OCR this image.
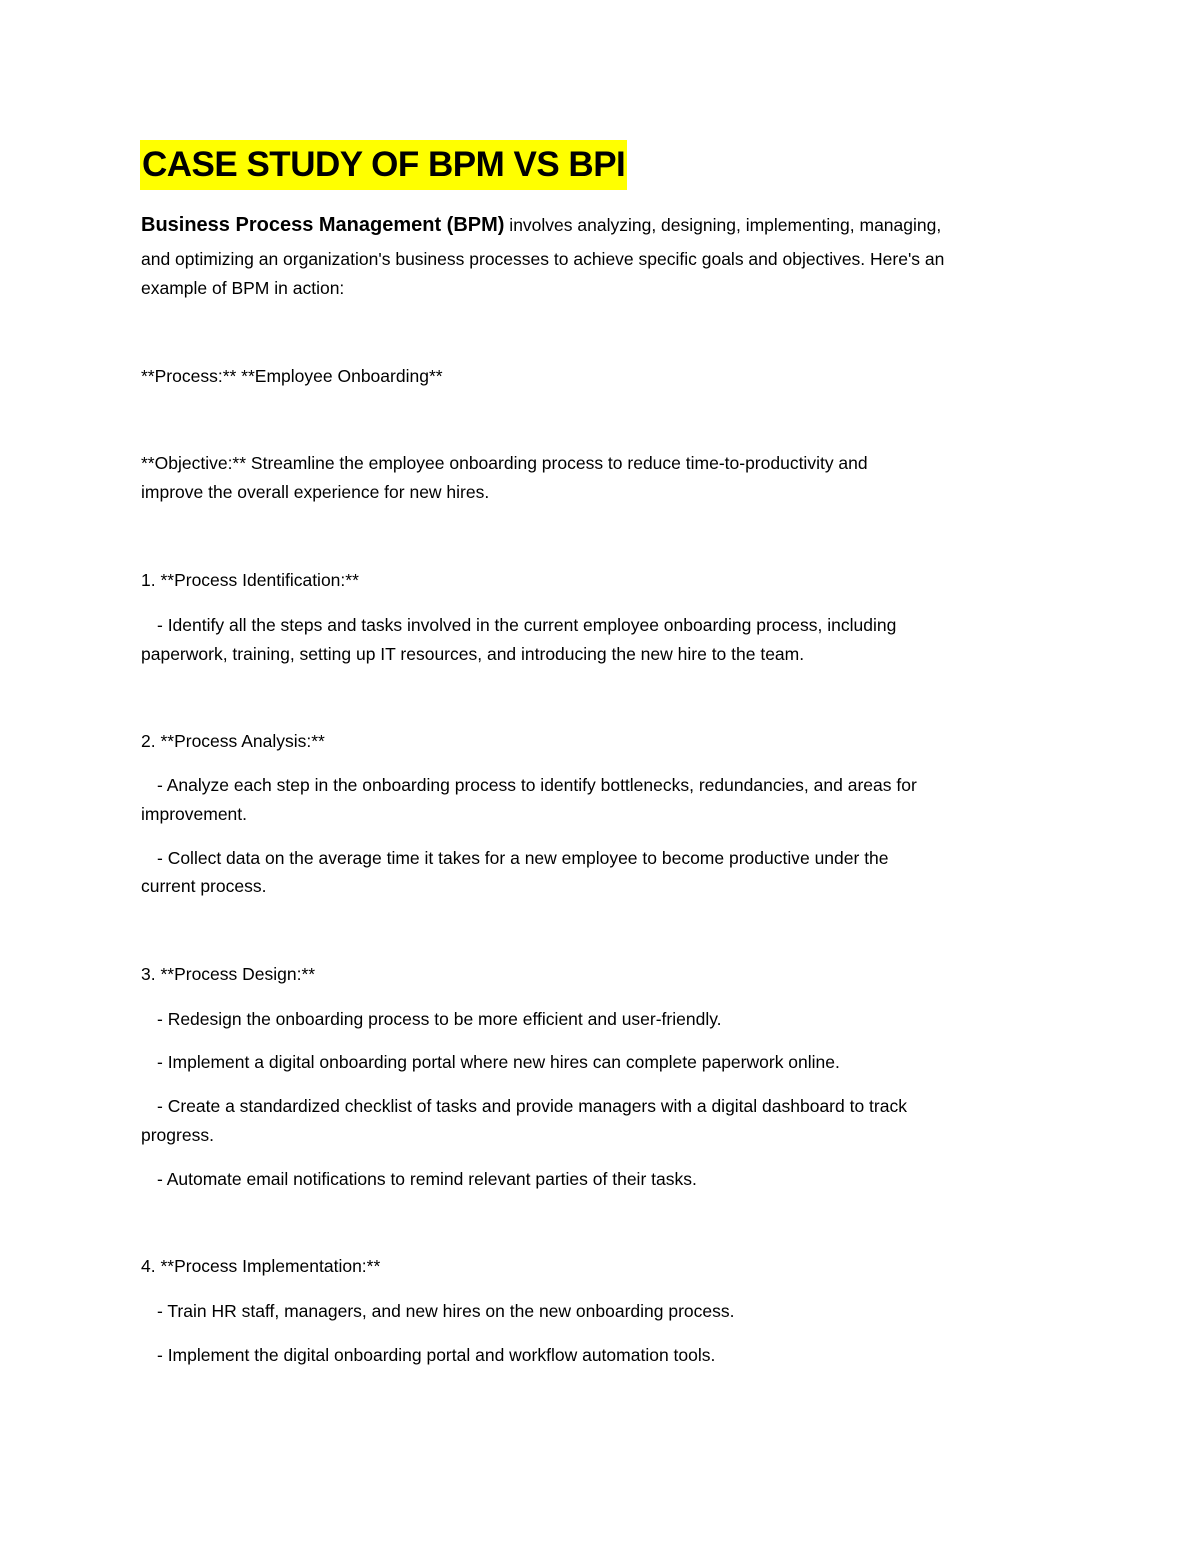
CASE STUDY OF BPM VS BPI
Business Process Management (BPM) involves analyzing, designing, implementing, managing,
and optimizing an organization's business processes to achieve specific goals and objectives. Here's an
example of BPM in action:
**Process:** **Employee Onboarding**
**Objective:** Streamline the employee onboarding process to reduce time-to-productivity and
improve the overall experience for new hires.
1. **Process Identification:**
- Identify all the steps and tasks involved in the current employee onboarding process, including
paperwork, training, setting up IT resources, and introducing the new hire to the team.
2. **Process Analysis:**
- Analyze each step in the onboarding process to identify bottlenecks, redundancies, and areas for
improvement.
- Collect data on the average time it takes for a new employee to become productive under the
current process.
3. **Process Design:**
- Redesign the onboarding process to be more efficient and user-friendly.
- Implement a digital onboarding portal where new hires can complete paperwork online.
- Create a standardized checklist of tasks and provide managers with a digital dashboard to track
progress.
- Automate email notifications to remind relevant parties of their tasks.
4. **Process Implementation:**
- Train HR staff, managers, and new hires on the new onboarding process.
- Implement the digital onboarding portal and workflow automation tools.
